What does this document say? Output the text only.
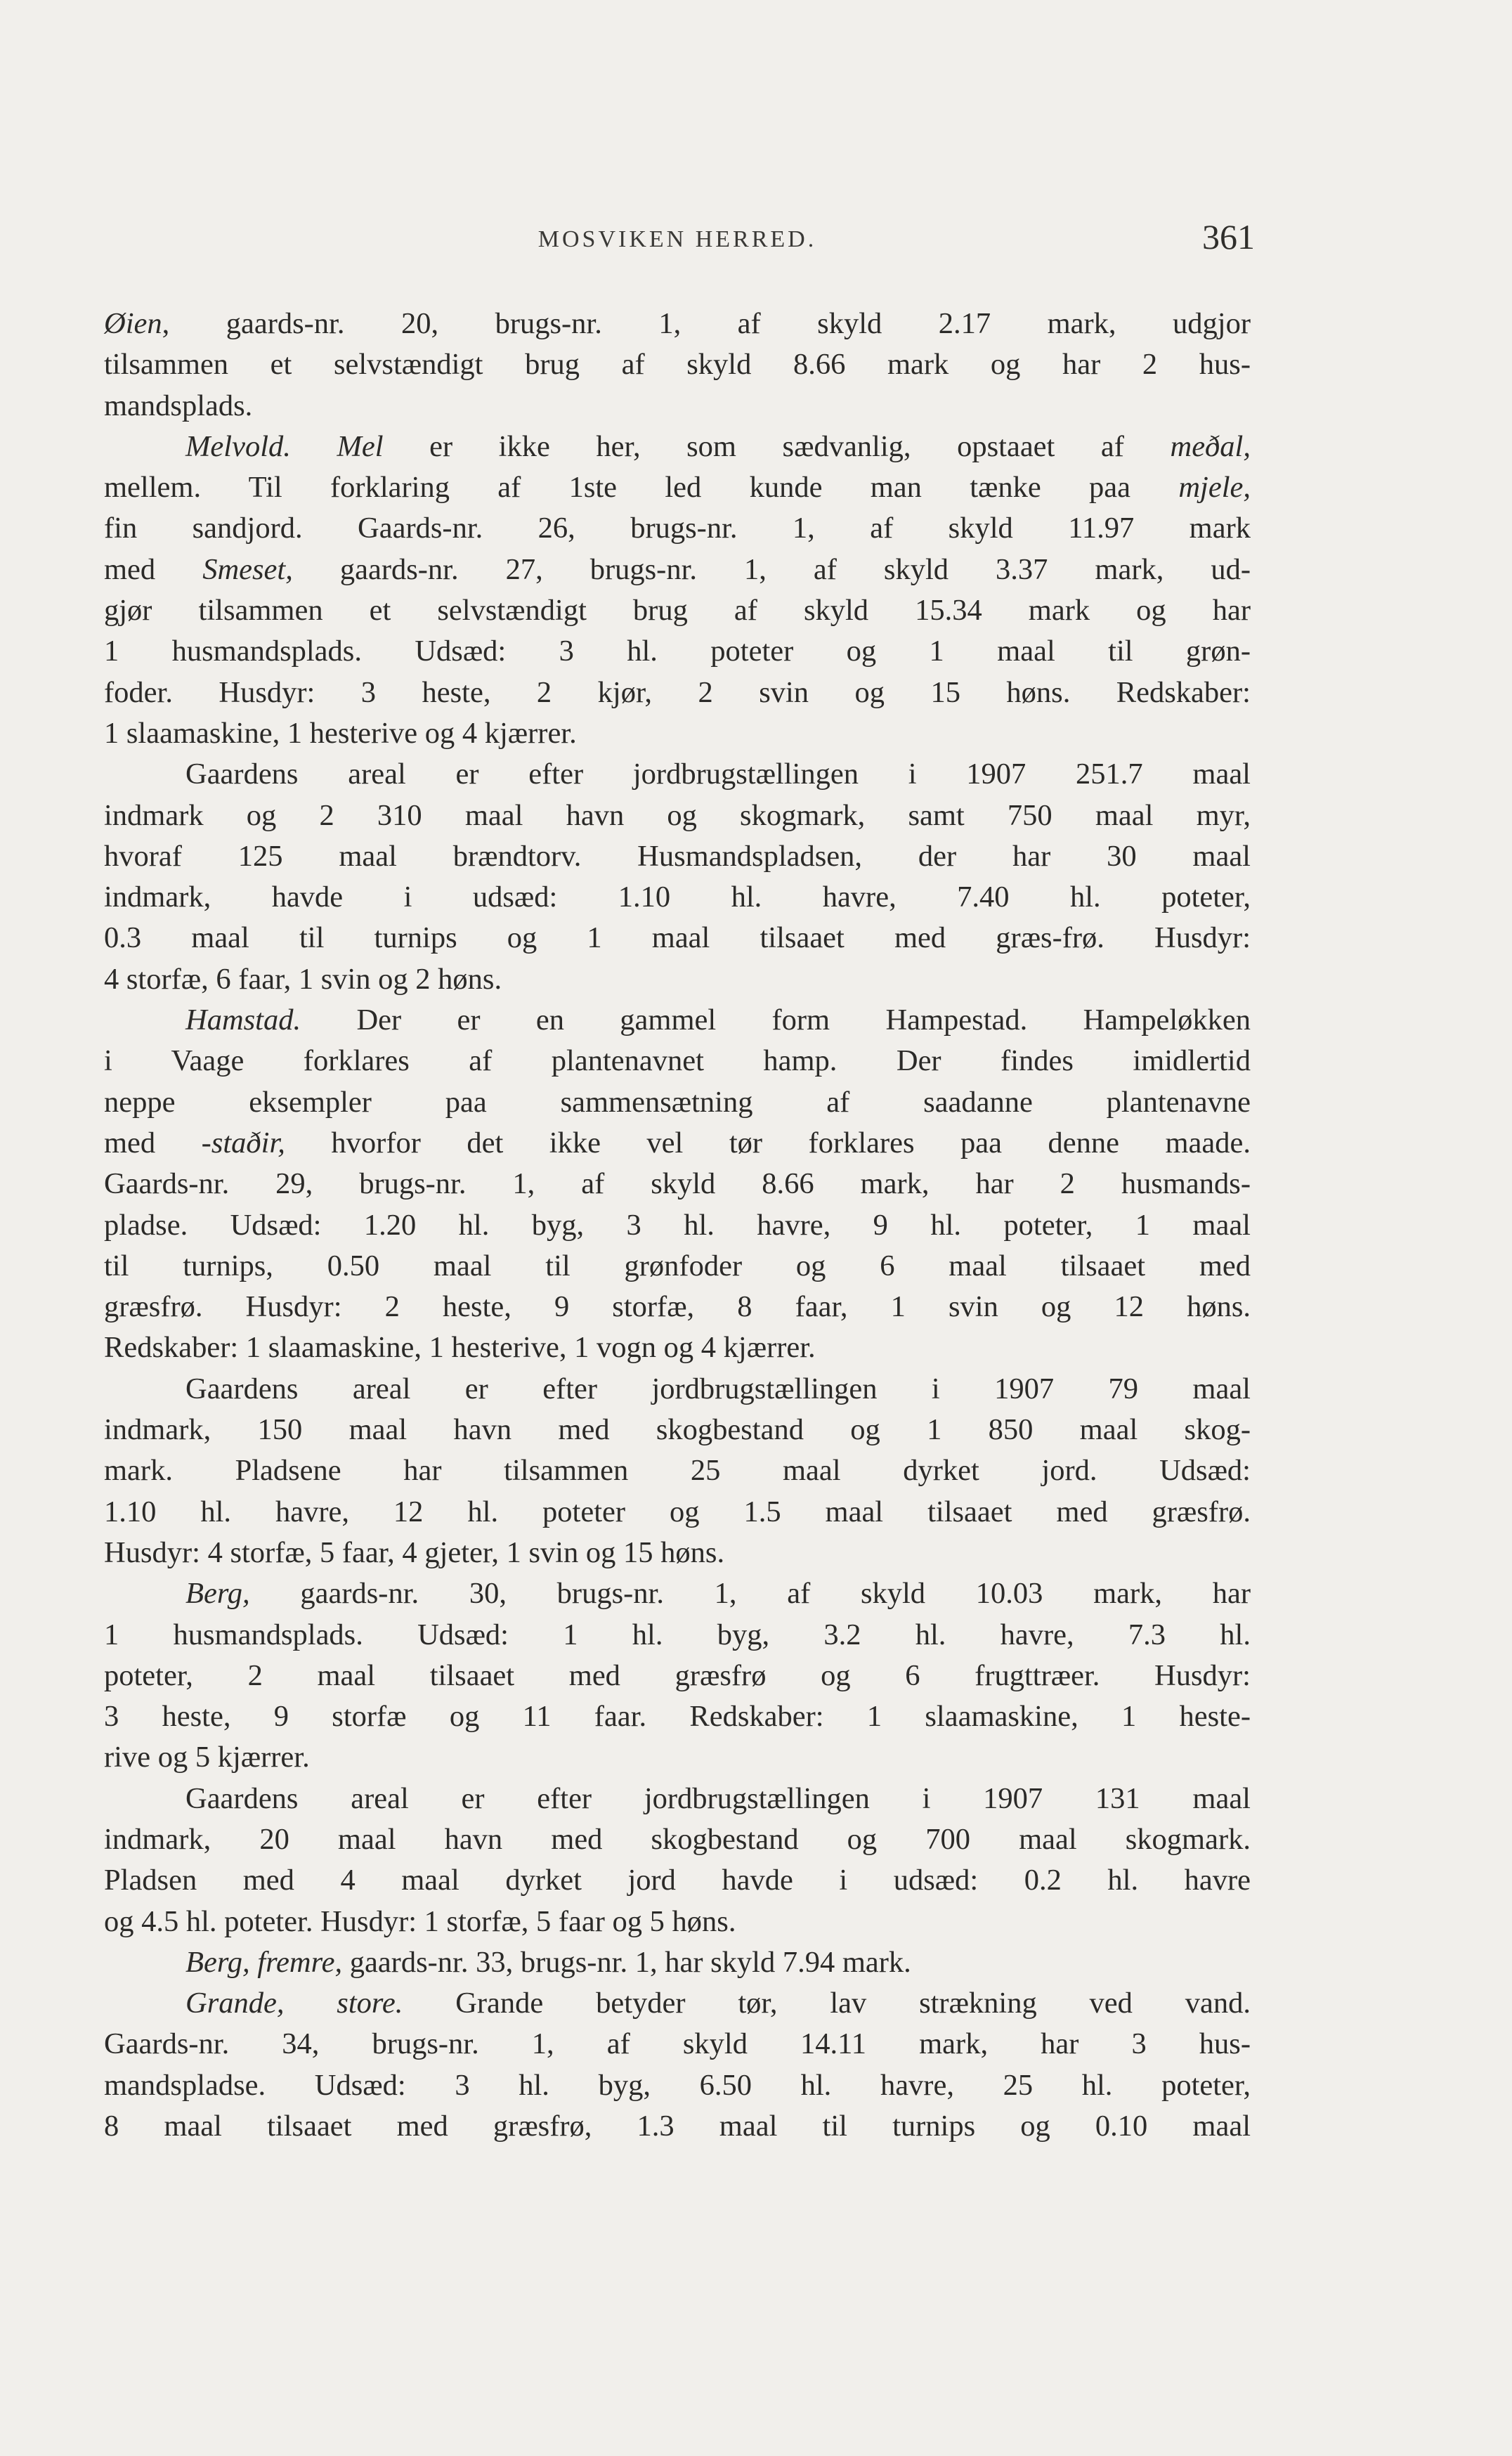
MOSVIKEN HERRED.	361
Øien, gaards-nr. 20, brugs-nr. 1, af skyld 2.17 mark, udgjor
tilsammen et selvstændigt brug af skyld 8.66 mark og har 2 hus-
mandsplads.
Melvold. Mel er ikke her, som sædvanlig, opstaaet af meðal,
mellem. Til forklaring af 1ste led kunde man tænke paa mjele,
fin sandjord. Gaards-nr. 26, brugs-nr. 1, af skyld 11.97 mark
med Smeset, gaards-nr. 27, brugs-nr. 1, af skyld 3.37 mark, ud-
gjør tilsammen et selvstændigt brug af skyld 15.34 mark og har
1 husmandsplads. Udsæd: 3 hl. poteter og 1 maal til grøn-
foder. Husdyr: 3 heste, 2 kjør, 2 svin og 15 høns. Redskaber:
1 slaamaskine, 1 hesterive og 4 kjærrer.
Gaardens areal er efter jordbrugstællingen i 1907 251.7 maal
indmark og 2 310 maal havn og skogmark, samt 750 maal myr,
hvoraf 125 maal brændtorv. Husmandspladsen, der har 30 maal
indmark, havde i udsæd: 1.10 hl. havre, 7.40 hl. poteter,
0.3 maal til turnips og 1 maal tilsaaet med græs-frø. Husdyr:
4 storfæ, 6 faar, 1 svin og 2 høns.
Hamstad. Der er en gammel form Hampestad. Hampeløkken
i Vaage forklares af plantenavnet hamp. Der findes imidlertid
neppe eksempler paa sammensætning af saadanne plantenavne
med -staðir, hvorfor det ikke vel tør forklares paa denne maade.
Gaards-nr. 29, brugs-nr. 1, af skyld 8.66 mark, har 2 husmands-
pladse. Udsæd: 1.20 hl. byg, 3 hl. havre, 9 hl. poteter, 1 maal
til turnips, 0.50 maal til grønfoder og 6 maal tilsaaet med
græsfrø. Husdyr: 2 heste, 9 storfæ, 8 faar, 1 svin og 12 høns.
Redskaber: 1 slaamaskine, 1 hesterive, 1 vogn og 4 kjærrer.
Gaardens areal er efter jordbrugstællingen i 1907 79 maal
indmark, 150 maal havn med skogbestand og 1 850 maal skog-
mark. Pladsene har tilsammen 25 maal dyrket jord. Udsæd:
1.10 hl. havre, 12 hl. poteter og 1.5 maal tilsaaet med græsfrø.
Husdyr: 4 storfæ, 5 faar, 4 gjeter, 1 svin og 15 høns.
Berg, gaards-nr. 30, brugs-nr. 1, af skyld 10.03 mark, har
1 husmandsplads. Udsæd: 1 hl. byg, 3.2 hl. havre, 7.3 hl.
poteter, 2 maal tilsaaet med græsfrø og 6 frugttræer. Husdyr:
3 heste, 9 storfæ og 11 faar. Redskaber: 1 slaamaskine, 1 heste-
rive og 5 kjærrer.
Gaardens areal er efter jordbrugstællingen i 1907 131 maal
indmark, 20 maal havn med skogbestand og 700 maal skogmark.
Pladsen med 4 maal dyrket jord havde i udsæd: 0.2 hl. havre
og 4.5 hl. poteter. Husdyr: 1 storfæ, 5 faar og 5 høns.
Berg, fremre, gaards-nr. 33, brugs-nr. 1, har skyld 7.94 mark.
Grande, store. Grande betyder tør, lav strækning ved vand.
Gaards-nr. 34, brugs-nr. 1, af skyld 14.11 mark, har 3 hus-
mandspladse. Udsæd: 3 hl. byg, 6.50 hl. havre, 25 hl. poteter,
8 maal tilsaaet med græsfrø, 1.3 maal til turnips og 0.10 maal
